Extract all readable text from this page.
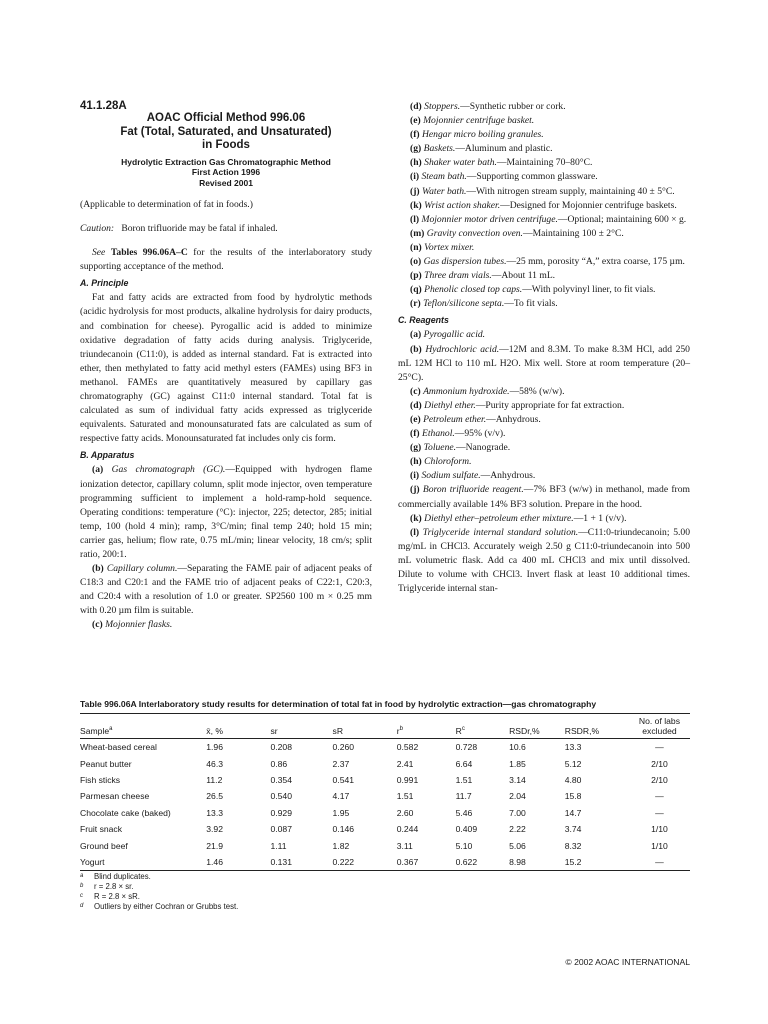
41.1.28A
AOAC Official Method 996.06
Fat (Total, Saturated, and Unsaturated)
in Foods
Hydrolytic Extraction Gas Chromatographic Method
First Action 1996
Revised 2001

(Applicable to determination of fat in foods.)

Caution: Boron trifluoride may be fatal if inhaled.

See Tables 996.06A–C for the results of the interlaboratory study supporting acceptance of the method.

A. Principle

Fat and fatty acids are extracted from food by hydrolytic methods (acidic hydrolysis for most products, alkaline hydrolysis for dairy products, and combination for cheese). Pyrogallic acid is added to minimize oxidative degradation of fatty acids during analysis. Triglyceride, triundecanoin (C11:0), is added as internal standard. Fat is extracted into ether, then methylated to fatty acid methyl esters (FAMEs) using BF3 in methanol. FAMEs are quantitatively measured by capillary gas chromatography (GC) against C11:0 internal standard. Total fat is calculated as sum of individual fatty acids expressed as triglyceride equivalents. Saturated and monounsaturated fats are calculated as sum of respective fatty acids. Monounsaturated fat includes only cis form.

B. Apparatus

(a) Gas chromatograph (GC).—Equipped with hydrogen flame ionization detector, capillary column, split mode injector, oven temperature programming sufficient to implement a hold-ramp-hold sequence. Operating conditions: temperature (°C): injector, 225; detector, 285; initial temp, 100 (hold 4 min); ramp, 3°C/min; final temp 240; hold 15 min; carrier gas, helium; flow rate, 0.75 mL/min; linear velocity, 18 cm/s; split ratio, 200:1.

(b) Capillary column.—Separating the FAME pair of adjacent peaks of C18:3 and C20:1 and the FAME trio of adjacent peaks of C22:1, C20:3, and C20:4 with a resolution of 1.0 or greater. SP2560 100 m × 0.25 mm with 0.20 µm film is suitable.

(c) Mojonnier flasks.

(d) Stoppers.—Synthetic rubber or cork.

(e) Mojonnier centrifuge basket.

(f) Hengar micro boiling granules.

(g) Baskets.—Aluminum and plastic.

(h) Shaker water bath.—Maintaining 70–80°C.

(i) Steam bath.—Supporting common glassware.

(j) Water bath.—With nitrogen stream supply, maintaining 40 ± 5°C.

(k) Wrist action shaker.—Designed for Mojonnier centrifuge baskets.

(l) Mojonnier motor driven centrifuge.—Optional; maintaining 600 × g.

(m) Gravity convection oven.—Maintaining 100 ± 2°C.

(n) Vortex mixer.

(o) Gas dispersion tubes.—25 mm, porosity “A,” extra coarse, 175 µm.

(p) Three dram vials.—About 11 mL.

(q) Phenolic closed top caps.—With polyvinyl liner, to fit vials.

(r) Teflon/silicone septa.—To fit vials.

C. Reagents

(a) Pyrogallic acid.

(b) Hydrochloric acid.—12M and 8.3M. To make 8.3M HCl, add 250 mL 12M HCl to 110 mL H2O. Mix well. Store at room temperature (20–25°C).

(c) Ammonium hydroxide.—58% (w/w).

(d) Diethyl ether.—Purity appropriate for fat extraction.

(e) Petroleum ether.—Anhydrous.

(f) Ethanol.—95% (v/v).

(g) Toluene.—Nanograde.

(h) Chloroform.

(i) Sodium sulfate.—Anhydrous.

(j) Boron trifluoride reagent.—7% BF3 (w/w) in methanol, made from commercially available 14% BF3 solution. Prepare in the hood.

(k) Diethyl ether–petroleum ether mixture.—1 + 1 (v/v).

(l) Triglyceride internal standard solution.—C11:0-triundecanoin; 5.00 mg/mL in CHCl3. Accurately weigh 2.50 g C11:0-triundecanoin into 500 mL volumetric flask. Add ca 400 mL CHCl3 and mix until dissolved. Dilute to volume with CHCl3. Invert flask at least 10 additional times. Triglyceride internal stan-

Table 996.06A Interlaboratory study results for determination of total fat in food by hydrolytic extraction—gas chromatography
Sample$^a$	x̄, %	sr	sR	$r^b$	$R^c$	RSDr,%	RSDR,%	No. of labs
excluded
Wheat-based cereal	1.96	0.208	0.260	0.582	0.728	10.6	13.3	—
Peanut butter	46.3	0.86	2.37	2.41	6.64	1.85	5.12	2/10
Fish sticks	11.2	0.354	0.541	0.991	1.51	3.14	4.80	2/10
Parmesan cheese	26.5	0.540	4.17	1.51	11.7	2.04	15.8	—
Chocolate cake (baked)	13.3	0.929	1.95	2.60	5.46	7.00	14.7	—
Fruit snack	3.92	0.087	0.146	0.244	0.409	2.22	3.74	1/10
Ground beef	21.9	1.11	1.82	3.11	5.10	5.06	8.32	1/10
Yogurt	1.46	0.131	0.222	0.367	0.622	8.98	15.2	—
a	Blind duplicates.
b	r = 2.8 × sr.
c	R = 2.8 × sR.
d	Outliers by either Cochran or Grubbs test.
© 2002 AOAC INTERNATIONAL
